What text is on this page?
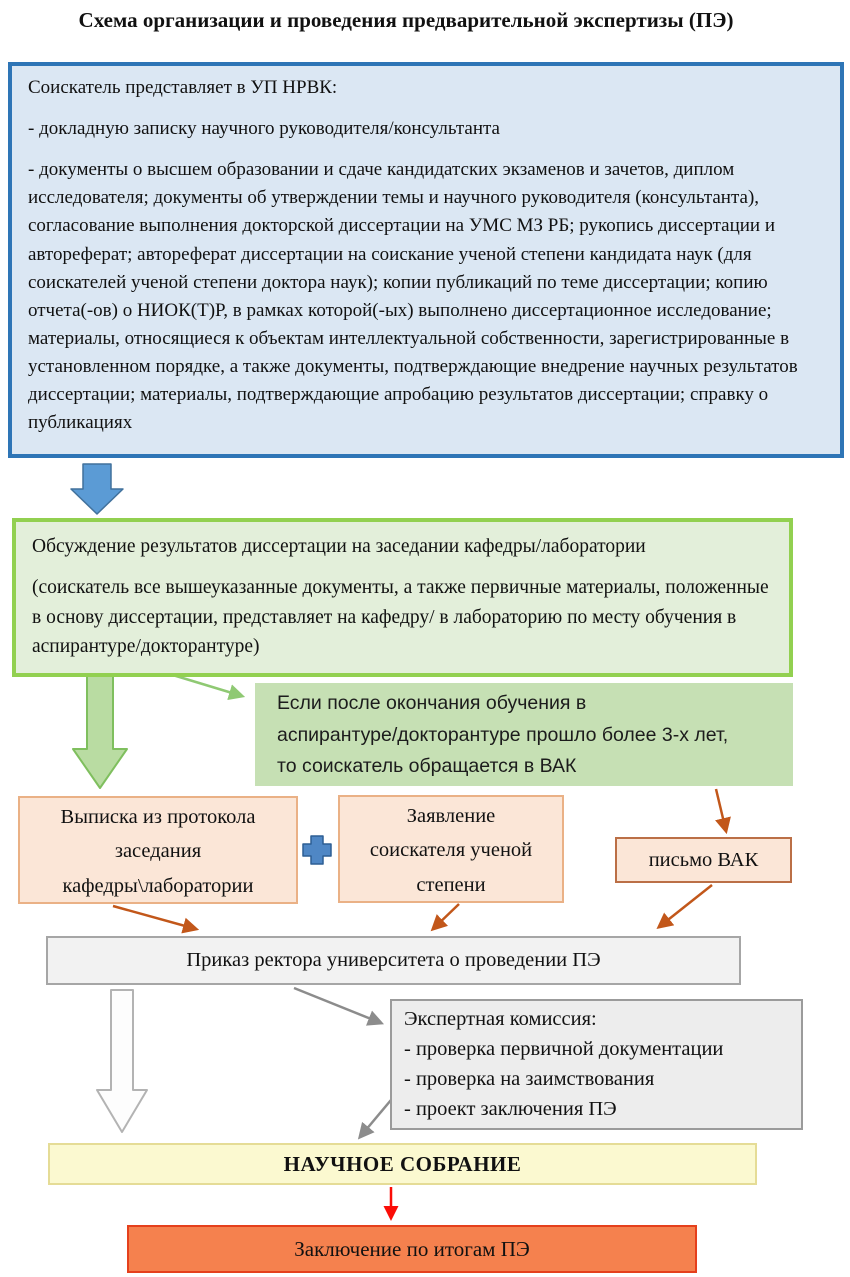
Схема организации и проведения предварительной экспертизы (ПЭ)

Соискатель представляет в УП НРВК:

- докладную записку научного руководителя/консультанта

- документы о высшем образовании и сдаче кандидатских экзаменов и зачетов, диплом исследователя; документы об утверждении темы и научного руководителя (консультанта), согласование выполнения докторской диссертации на УМС МЗ РБ; рукопись диссертации и автореферат; автореферат диссертации на соискание ученой степени кандидата наук (для соискателей ученой степени доктора наук); копии публикаций по теме диссертации; копию отчета(-ов) о НИОК(Т)Р, в рамках которой(-ых) выполнено диссертационное исследование; материалы, относящиеся к объектам интеллектуальной собственности, зарегистрированные в установленном порядке, а также документы, подтверждающие внедрение научных результатов диссертации; материалы, подтверждающие апробацию результатов диссертации; справку о публикациях

Обсуждение результатов диссертации на заседании кафедры/лаборатории

(соискатель все вышеуказанные документы, а также первичные материалы, положенные в основу диссертации, представляет на кафедру/ в лабораторию по месту обучения в аспирантуре/докторантуре)

Если после окончания обучения в
аспирантуре/докторантуре прошло более 3-х лет,
то соискатель обращается в ВАК
Выписка из протокола
заседания
кафедры\лаборатории
Заявление
соискателя ученой
степени
письмо ВАК
Приказ ректора университета о проведении ПЭ
Экспертная комиссия:
- проверка первичной документации
- проверка на заимствования
- проект заключения ПЭ
НАУЧНОЕ СОБРАНИЕ
Заключение по итогам ПЭ
